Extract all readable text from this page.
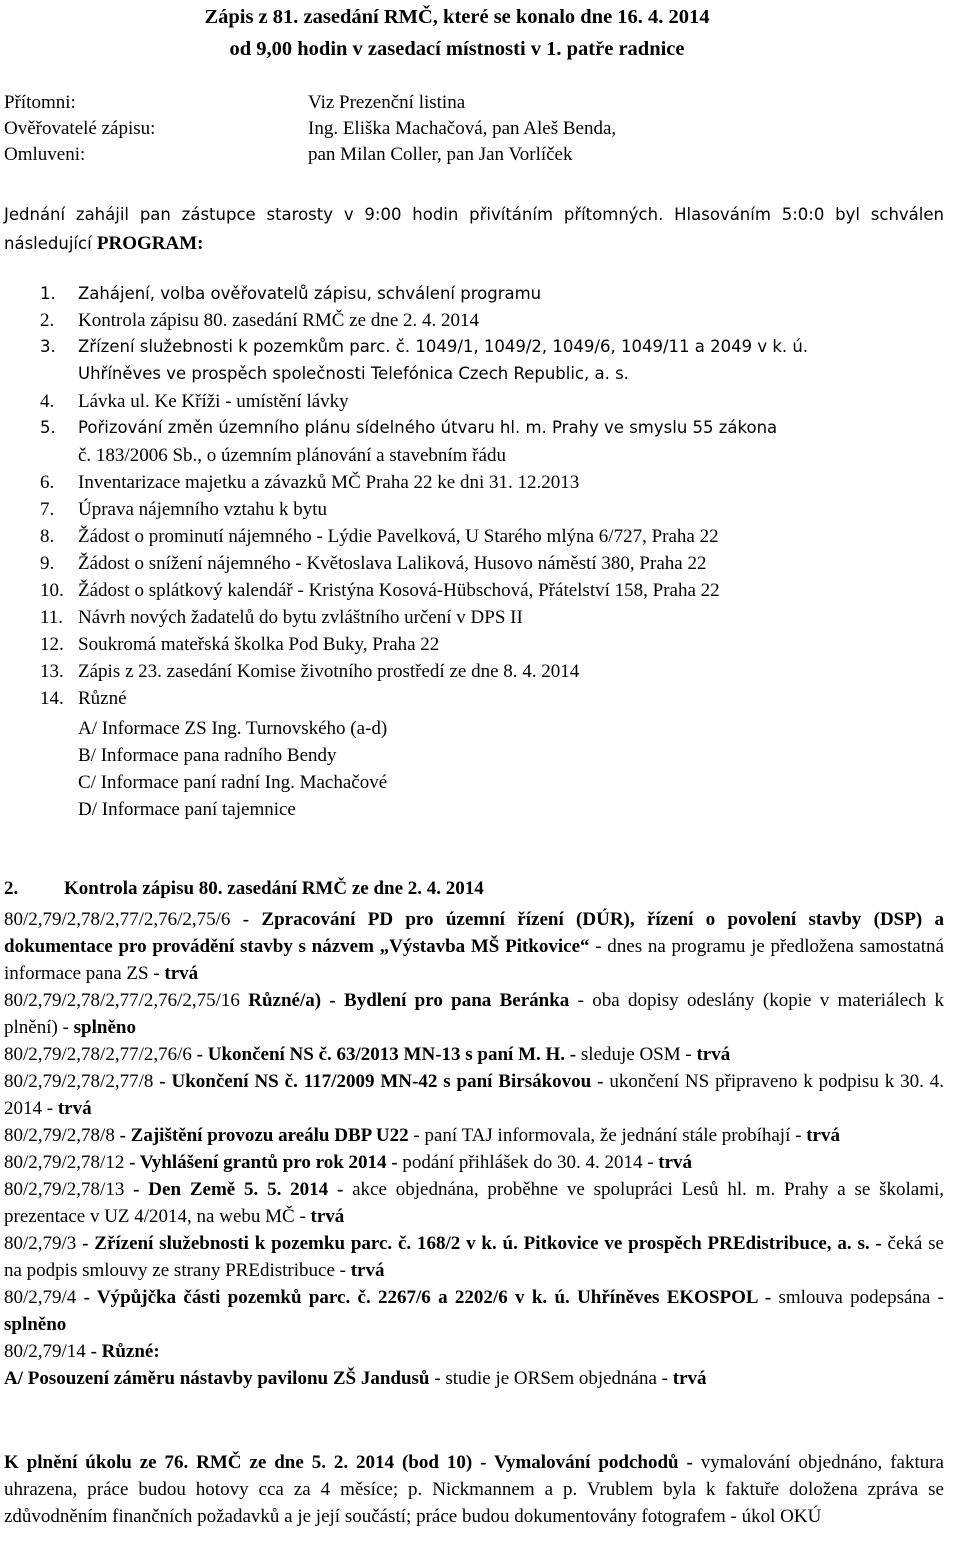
Zápis z 81. zasedání RMČ, které se konalo dne 16. 4. 2014
od 9,00 hodin v zasedací místnosti v 1. patře radnice
Přítomni:	Viz Prezenční listina
Ověřovatelé zápisu:	Ing. Eliška Machačová, pan Aleš Benda,
Omluveni:	pan Milan Coller, pan Jan Vorlíček
Jednání zahájil pan zástupce starosty v 9:00 hodin přivítáním přítomných. Hlasováním 5:0:0 byl schválen následující PROGRAM:
1. Zahájení, volba ověřovatelů zápisu, schválení programu
2. Kontrola zápisu 80. zasedání RMČ ze dne 2. 4. 2014
3. Zřízení služebnosti k pozemkům parc. č. 1049/1, 1049/2, 1049/6, 1049/11 a 2049 v k. ú.
Uhříněves ve prospěch společnosti Telefónica Czech Republic, a. s.
4. Lávka ul. Ke Kříži - umístění lávky
5. Pořizování změn územního plánu sídelného útvaru hl. m. Prahy ve smyslu 55 zákona
č. 183/2006 Sb., o územním plánování a stavebním řádu
6. Inventarizace majetku a závazků MČ Praha 22 ke dni 31. 12.2013
7. Úprava nájemního vztahu k bytu
8. Žádost o prominutí nájemného - Lýdie Pavelková, U Starého mlýna 6/727, Praha 22
9. Žádost o snížení nájemného - Květoslava Laliková, Husovo náměstí 380, Praha 22
10. Žádost o splátkový kalendář - Kristýna Kosová-Hübschová, Přátelství 158, Praha 22
11. Návrh nových žadatelů do bytu zvláštního určení v DPS II
12. Soukromá mateřská školka Pod Buky, Praha 22
13. Zápis z 23. zasedání Komise životního prostředí ze dne 8. 4. 2014
14. Různé
A/ Informace ZS Ing. Turnovského (a-d)
B/ Informace pana radního Bendy
C/ Informace paní radní Ing. Machačové
D/ Informace paní tajemnice
2. Kontrola zápisu 80. zasedání RMČ ze dne 2. 4. 2014
80/2,79/2,78/2,77/2,76/2,75/6 - Zpracování PD pro územní řízení (DÚR), řízení o povolení stavby (DSP) a dokumentace pro provádění stavby s názvem „Výstavba MŠ Pitkovice“ - dnes na programu je předložena samostatná informace pana ZS - trvá
80/2,79/2,78/2,77/2,76/2,75/16 Různé/a) - Bydlení pro pana Beránka - oba dopisy odeslány (kopie v materiálech k plnění) - splněno
80/2,79/2,78/2,77/2,76/6 - Ukončení NS č. 63/2013 MN-13 s paní M. H. - sleduje OSM - trvá
80/2,79/2,78/2,77/8 - Ukončení NS č. 117/2009 MN-42 s paní Birsákovou - ukončení NS připraveno k podpisu k 30. 4. 2014 - trvá
80/2,79/2,78/8 - Zajištění provozu areálu DBP U22 - paní TAJ informovala, že jednání stále probíhají - trvá
80/2,79/2,78/12 - Vyhlášení grantů pro rok 2014 - podání přihlášek do 30. 4. 2014 - trvá
80/2,79/2,78/13 - Den Země 5. 5. 2014 - akce objednána, proběhne ve spolupráci Lesů hl. m. Prahy a se školami, prezentace v UZ 4/2014, na webu MČ - trvá
80/2,79/3 - Zřízení služebnosti k pozemku parc. č. 168/2 v k. ú. Pitkovice ve prospěch PREdistribuce, a. s. - čeká se na podpis smlouvy ze strany PREdistribuce - trvá
80/2,79/4 - Výpůjčka části pozemků parc. č. 2267/6 a 2202/6 v k. ú. Uhříněves EKOSPOL - smlouva podepsána - splněno
80/2,79/14 - Různé:
A/ Posouzení záměru nástavby pavilonu ZŠ Jandusů - studie je ORSem objednána - trvá
K plnění úkolu ze 76. RMČ ze dne 5. 2. 2014 (bod 10) - Vymalování podchodů - vymalování objednáno, faktura uhrazena, práce budou hotovy cca za 4 měsíce; p. Nickmannem a p. Vrublem byla k faktuře doložena zpráva se zdůvodněním finančních požadavků a je její součástí; práce budou dokumentovány fotografem - úkol OKÚ
